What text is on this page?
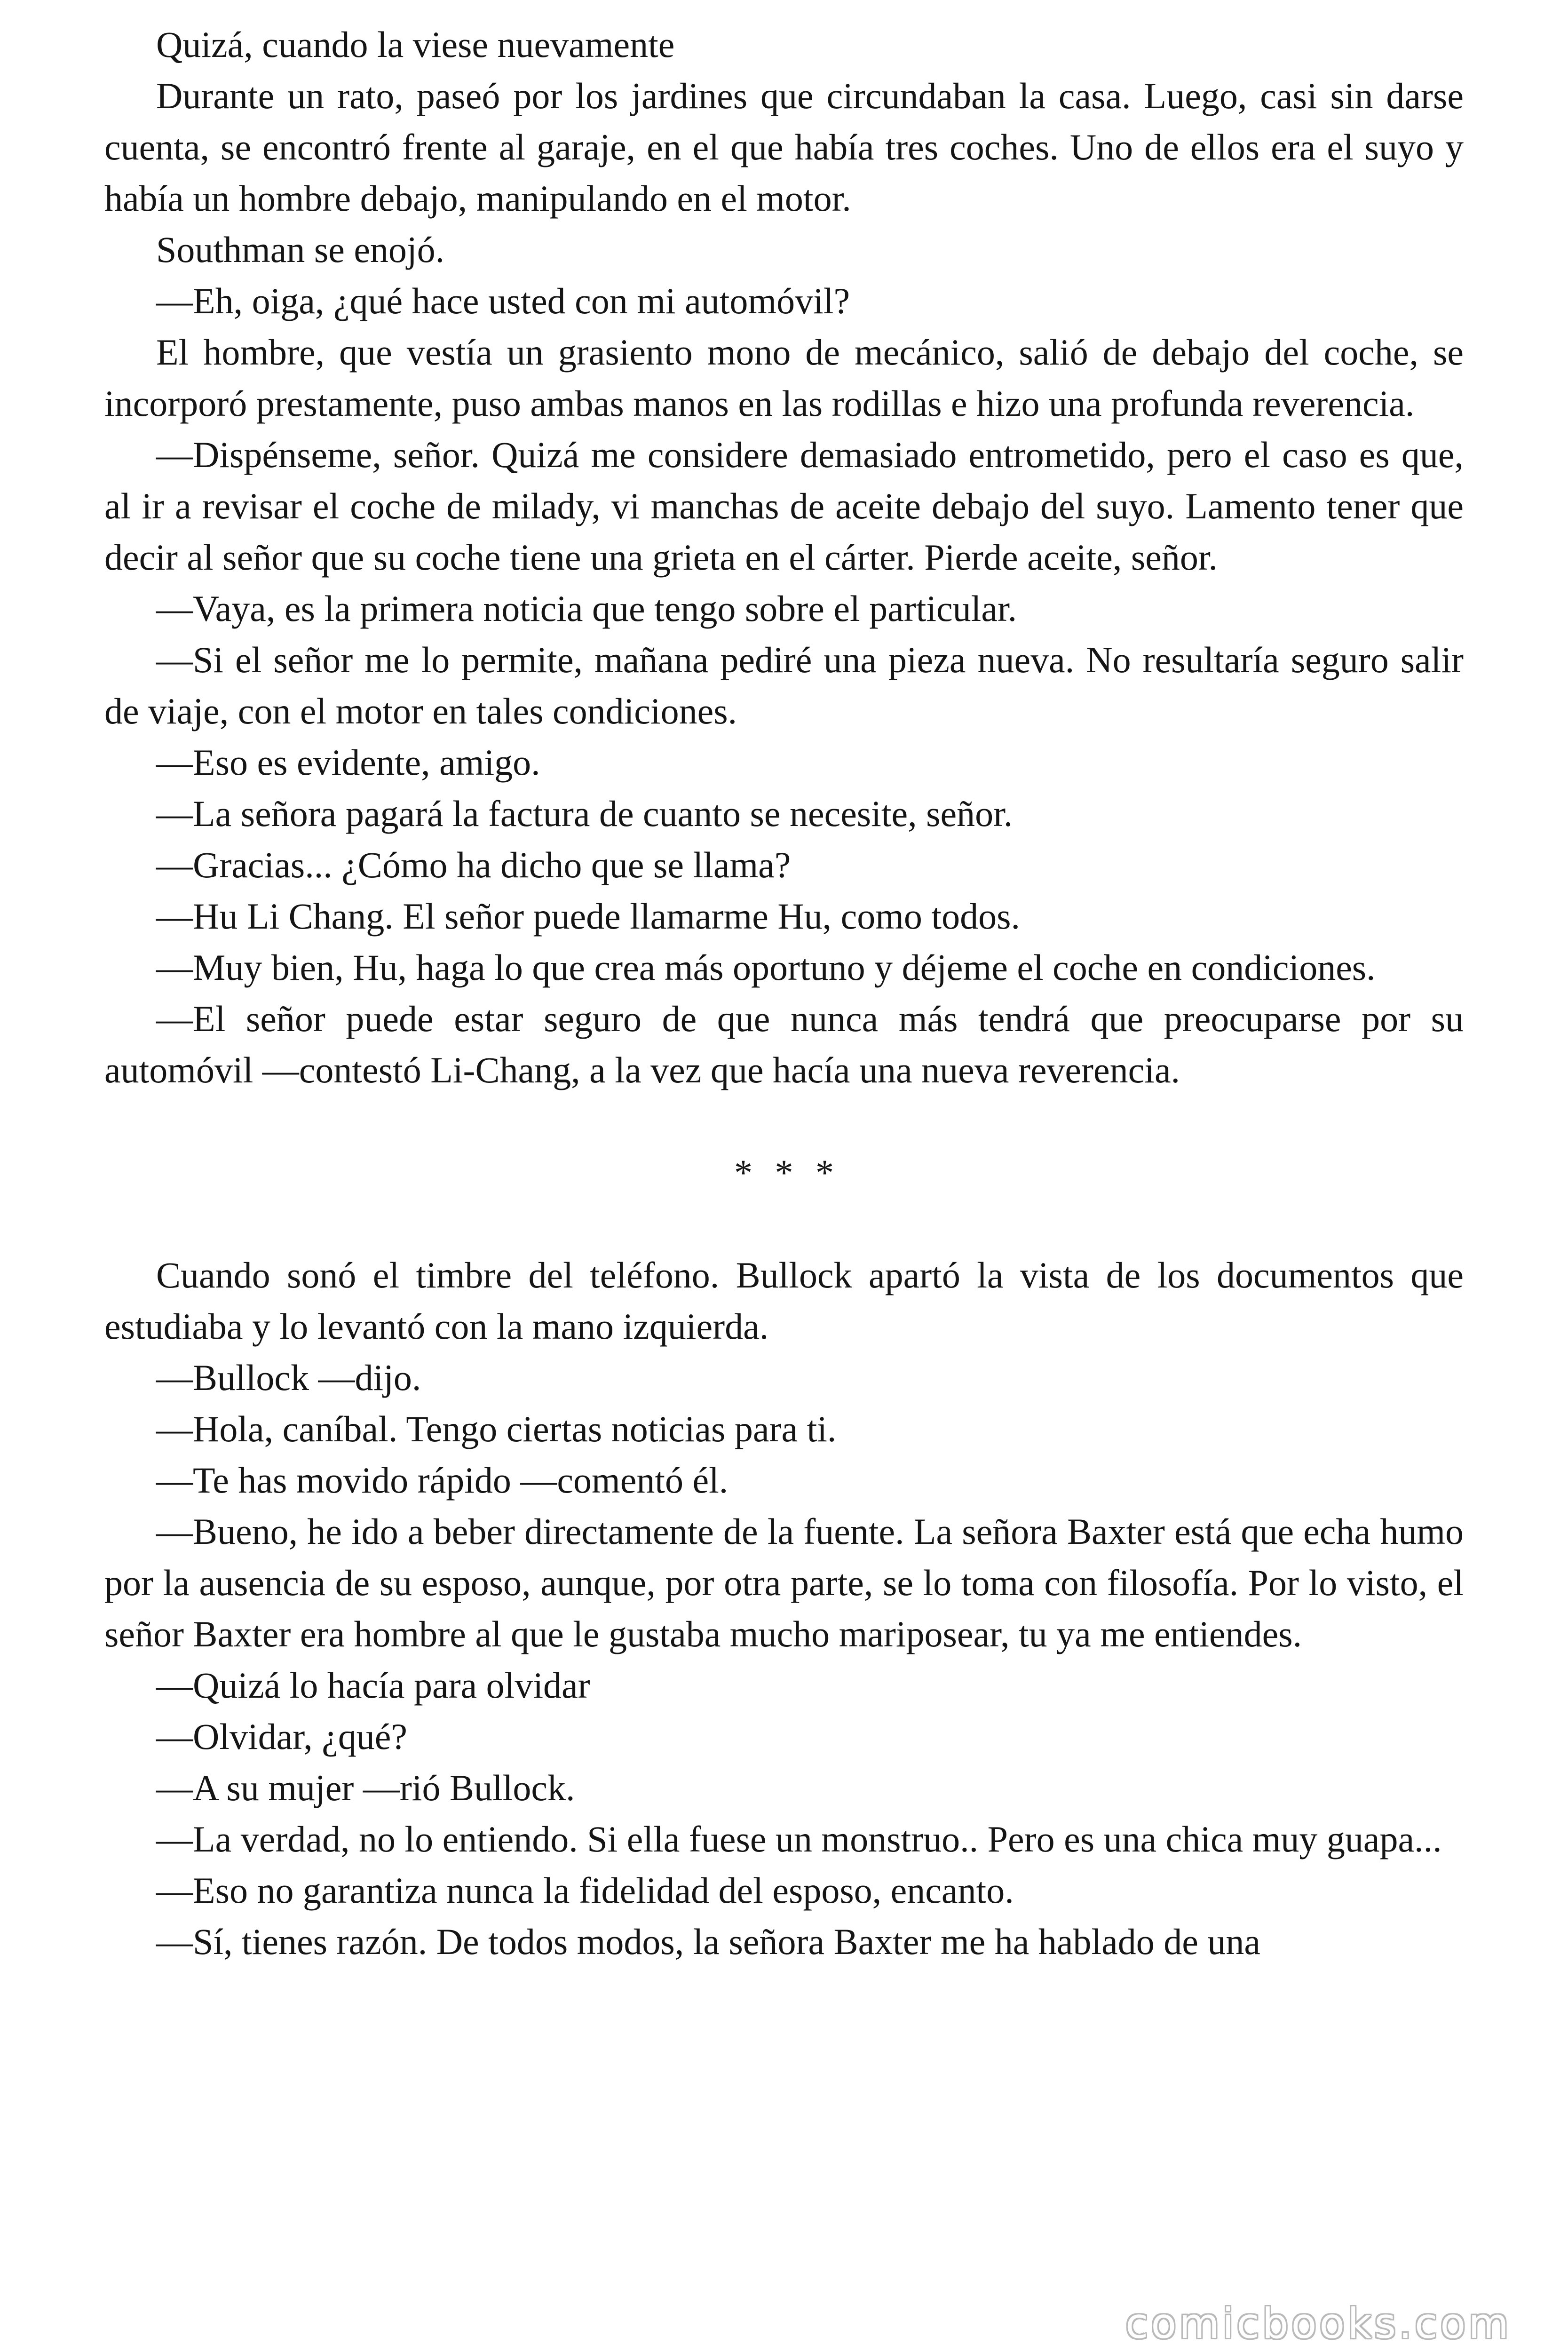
Quizá, cuando la viese nuevamente

Durante un rato, paseó por los jardines que circundaban la casa. Luego, casi sin darse cuenta, se encontró frente al garaje, en el que había tres coches. Uno de ellos era el suyo y había un hombre debajo, manipulando en el motor.

Southman se enojó.

—Eh, oiga, ¿qué hace usted con mi automóvil?

El hombre, que vestía un grasiento mono de mecánico, salió de debajo del coche, se incorporó prestamente, puso ambas manos en las rodillas e hizo una profunda reverencia.

—Dispénseme, señor. Quizá me considere demasiado entrometido, pero el caso es que, al ir a revisar el coche de milady, vi manchas de aceite debajo del suyo. Lamento tener que decir al señor que su coche tiene una grieta en el cárter. Pierde aceite, señor.

—Vaya, es la primera noticia que tengo sobre el particular.

—Si el señor me lo permite, mañana pediré una pieza nueva. No resultaría seguro salir de viaje, con el motor en tales condiciones.

—Eso es evidente, amigo.

—La señora pagará la factura de cuanto se necesite, señor.

—Gracias... ¿Cómo ha dicho que se llama?

—Hu Li Chang. El señor puede llamarme Hu, como todos.

—Muy bien, Hu, haga lo que crea más oportuno y déjeme el coche en condiciones.

—El señor puede estar seguro de que nunca más tendrá que preocuparse por su automóvil —contestó Li-Chang, a la vez que hacía una nueva reverencia.

* * *

Cuando sonó el timbre del teléfono. Bullock apartó la vista de los documentos que estudiaba y lo levantó con la mano izquierda.

—Bullock —dijo.

—Hola, caníbal. Tengo ciertas noticias para ti.

—Te has movido rápido —comentó él.

—Bueno, he ido a beber directamente de la fuente. La señora Baxter está que echa humo por la ausencia de su esposo, aunque, por otra parte, se lo toma con filosofía. Por lo visto, el señor Baxter era hombre al que le gustaba mucho mariposear, tu ya me entiendes.

—Quizá lo hacía para olvidar

—Olvidar, ¿qué?

—A su mujer —rió Bullock.

—La verdad, no lo entiendo. Si ella fuese un monstruo.. Pero es una chica muy guapa...

—Eso no garantiza nunca la fidelidad del esposo, encanto.

—Sí, tienes razón. De todos modos, la señora Baxter me ha hablado de una

comicbooks.com
